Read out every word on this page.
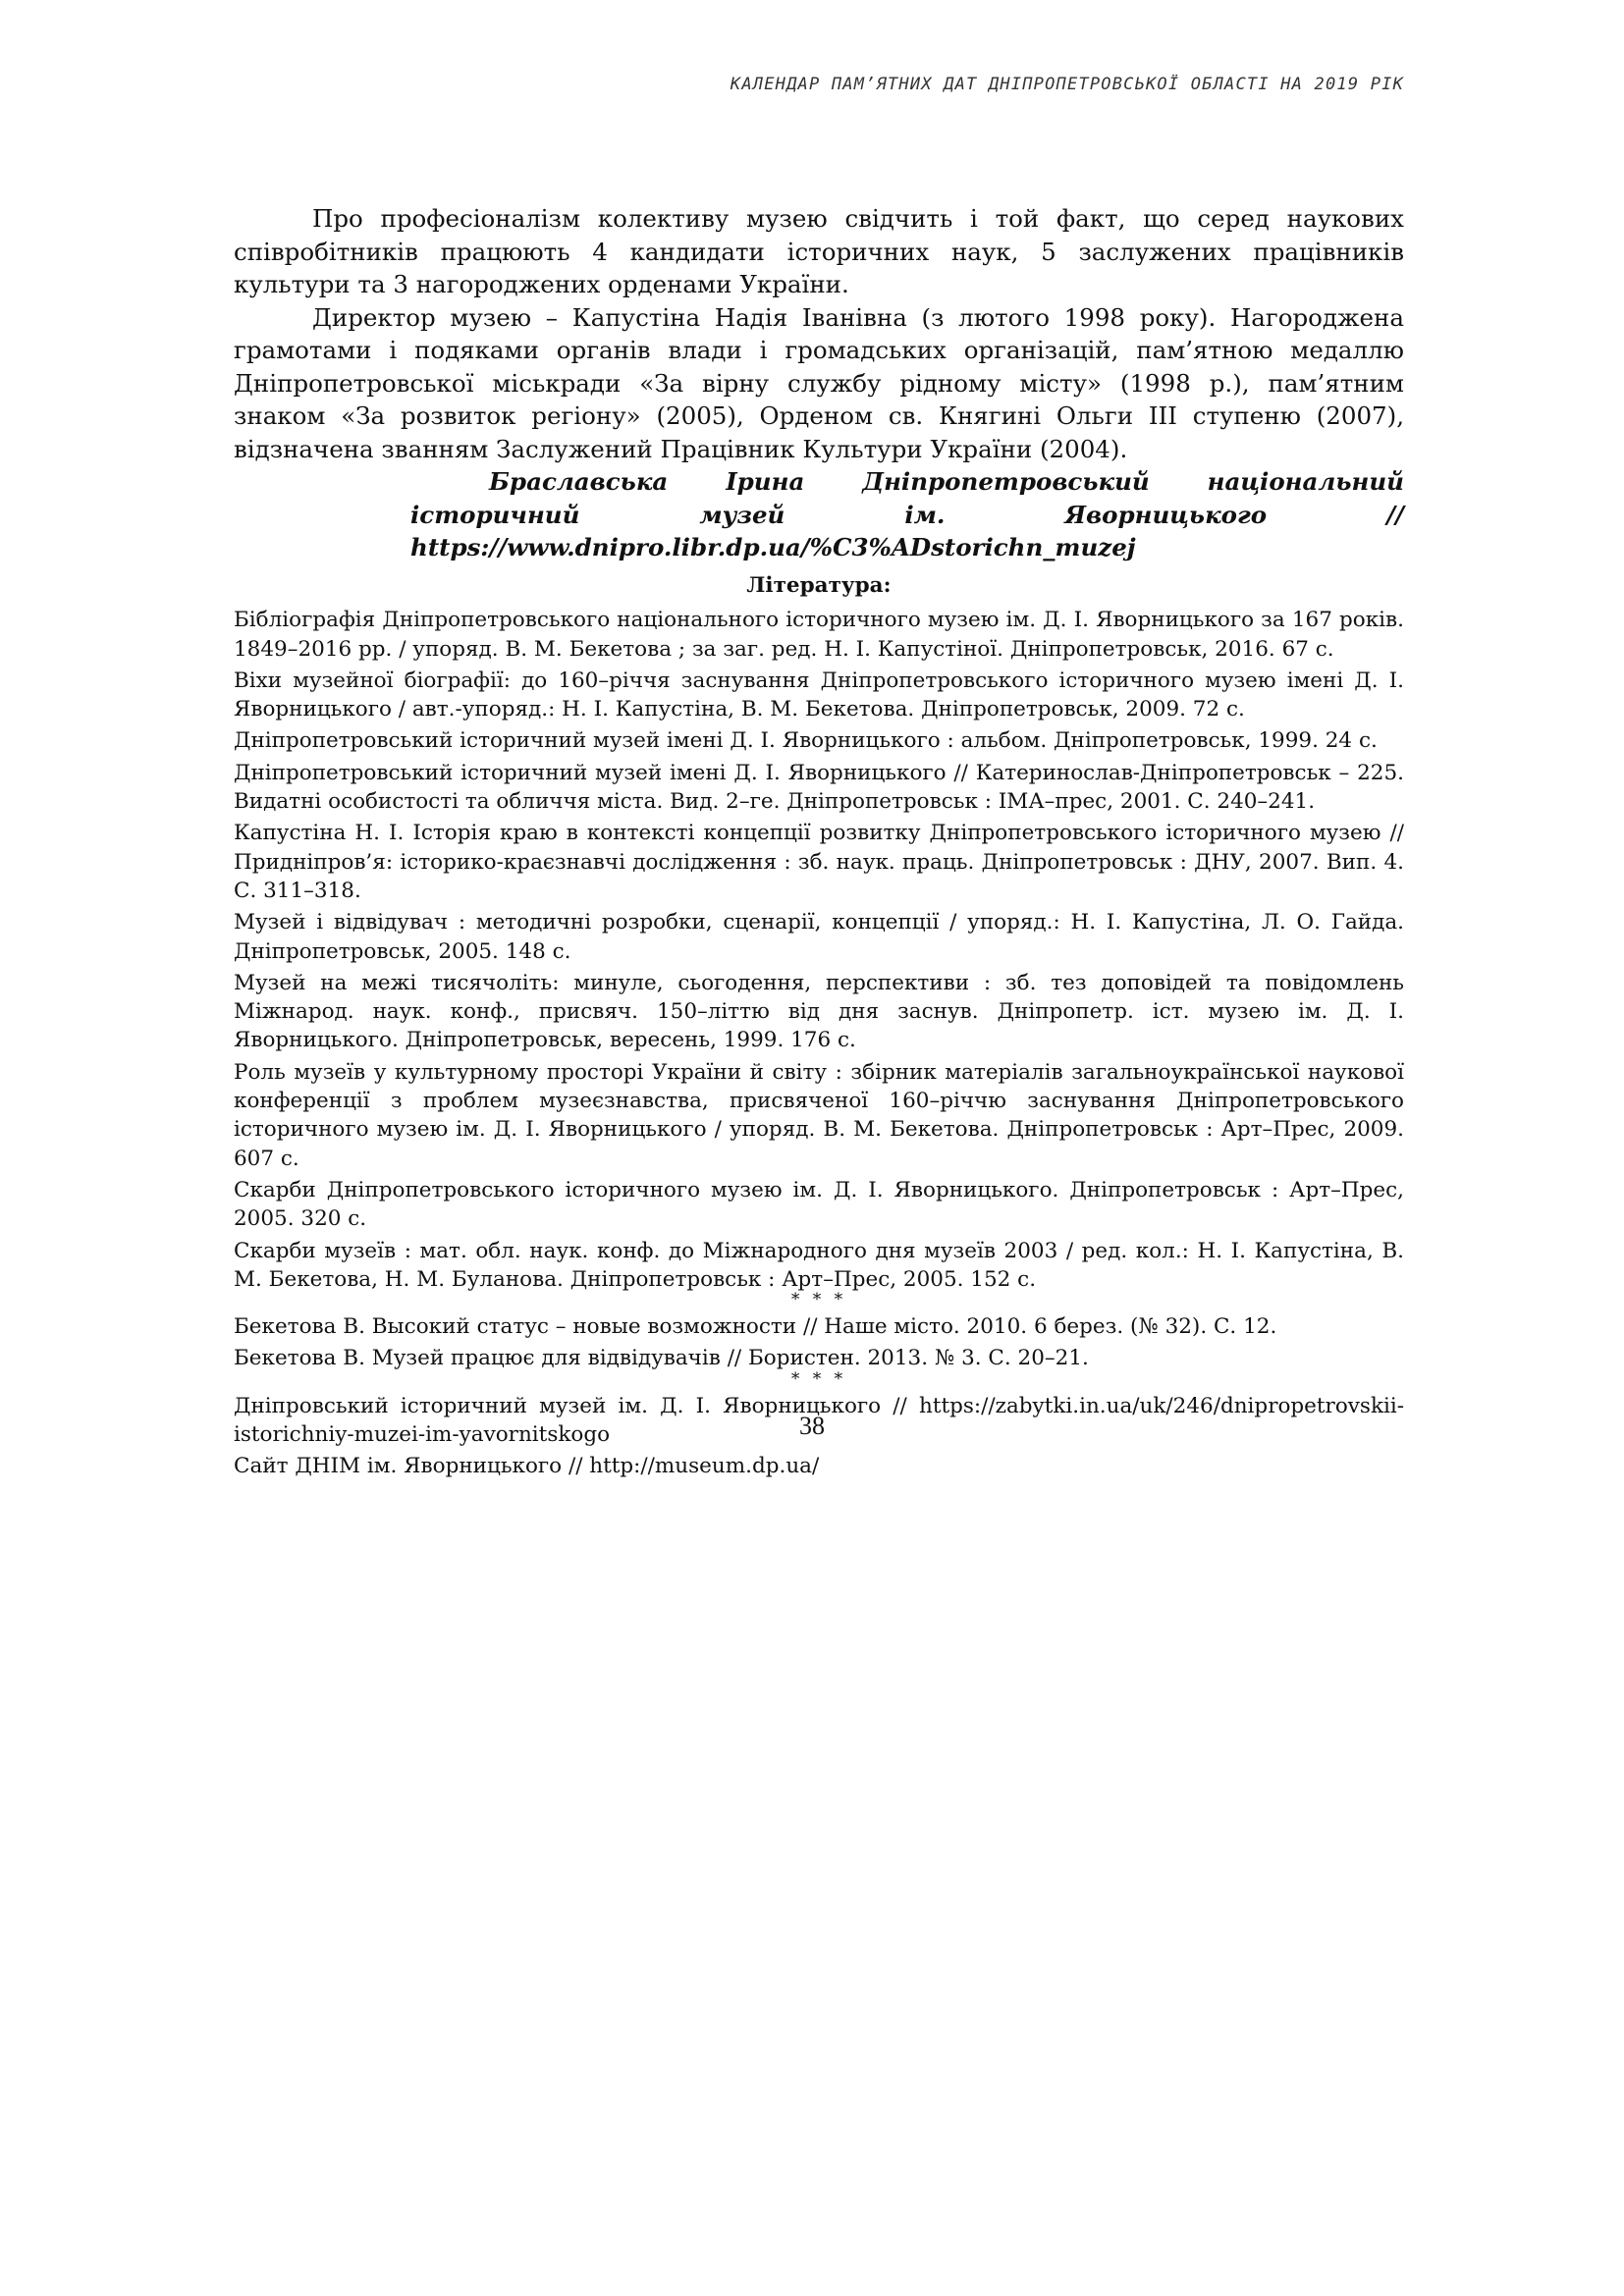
КАЛЕНДАР ПАМ’ЯТНИХ ДАТ ДНІПРОПЕТРОВСЬКОЇ ОБЛАСТІ НА 2019 РІК

Про професіоналізм колективу музею свідчить і той факт, що серед наукових співробітників працюють 4 кандидати історичних наук, 5 заслужених працівників культури та 3 нагороджених орденами України.

Директор музею – Капустіна Надія Іванівна (з лютого 1998 року). Нагороджена грамотами і подяками органів влади і громадських організацій, пам’ятною медаллю Дніпропетровської міськради «За вірну службу рідному місту» (1998 р.), пам’ятним знаком «За розвиток регіону» (2005), Орденом св. Княгині Ольги ІІІ ступеню (2007), відзначена званням Заслужений Працівник Культури України (2004).

Браславська Ірина Дніпропетровський національний історичний музей ім. Яворницького // https://www.dnipro.libr.dp.ua/%C3%ADstorichn_muzej

Література:
Бібліографія Дніпропетровського національного історичного музею ім. Д. І. Яворницького за 167 років. 1849–2016 рр. / упоряд. В. М. Бекетова ; за заг. ред. Н. І. Капустіної. Дніпропетровськ, 2016. 67 с.
Віхи музейної біографії: до 160–річчя заснування Дніпропетровського історичного музею імені Д. І. Яворницького / авт.-упоряд.: Н. І. Капустіна, В. М. Бекетова. Дніпропетровськ, 2009. 72 с.
Дніпропетровський історичний музей імені Д. І. Яворницького : альбом. Дніпропетровськ, 1999. 24 с.
Дніпропетровський історичний музей імені Д. І. Яворницького // Катеринослав-Дніпропетровськ – 225. Видатні особистості та обличчя міста. Вид. 2–ге. Дніпропетровськ : ІМА–прес, 2001. С. 240–241.
Капустіна Н. І. Історія краю в контексті концепції розвитку Дніпропетровського історичного музею // Придніпров’я: історико-краєзнавчі дослідження : зб. наук. праць. Дніпропетровськ : ДНУ, 2007. Вип. 4. С. 311–318.
Музей і відвідувач : методичні розробки, сценарії, концепції / упоряд.: Н. І. Капустіна, Л. О. Гайда. Дніпропетровськ, 2005. 148 с.
Музей на межі тисячоліть: минуле, сьогодення, перспективи : зб. тез доповідей та повідомлень Міжнарод. наук. конф., присвяч. 150–літтю від дня заснув. Дніпропетр. іст. музею ім. Д. І. Яворницького. Дніпропетровськ, вересень, 1999. 176 с.
Роль музеїв у культурному просторі України й світу : збірник матеріалів загальноукраїнської наукової конференції з проблем музеєзнавства, присвяченої 160–річчю заснування Дніпропетровського історичного музею ім. Д. І. Яворницького / упоряд. В. М. Бекетова. Дніпропетровськ : Арт–Прес, 2009. 607 с.
Скарби Дніпропетровського історичного музею ім. Д. І. Яворницького. Дніпропетровськ : Арт–Прес, 2005. 320 с.
Скарби музеїв : мат. обл. наук. конф. до Міжнародного дня музеїв 2003 / ред. кол.: Н. І. Капустіна, В. М. Бекетова, Н. М. Буланова. Дніпропетровськ : Арт–Прес, 2005. 152 с.
* * *
Бекетова В. Высокий статус – новые возможности // Наше місто. 2010. 6 берез. (№ 32). С. 12.
Бекетова В. Музей працює для відвідувачів // Бористен. 2013. № 3. С. 20–21.
* * *
Дніпровський історичний музей ім. Д. І. Яворницького // https://zabytki.in.ua/uk/246/dnipropetrovskii-istorichniy-muzei-im-yavornitskogo
Сайт ДНІМ ім. Яворницького // http://museum.dp.ua/
38
